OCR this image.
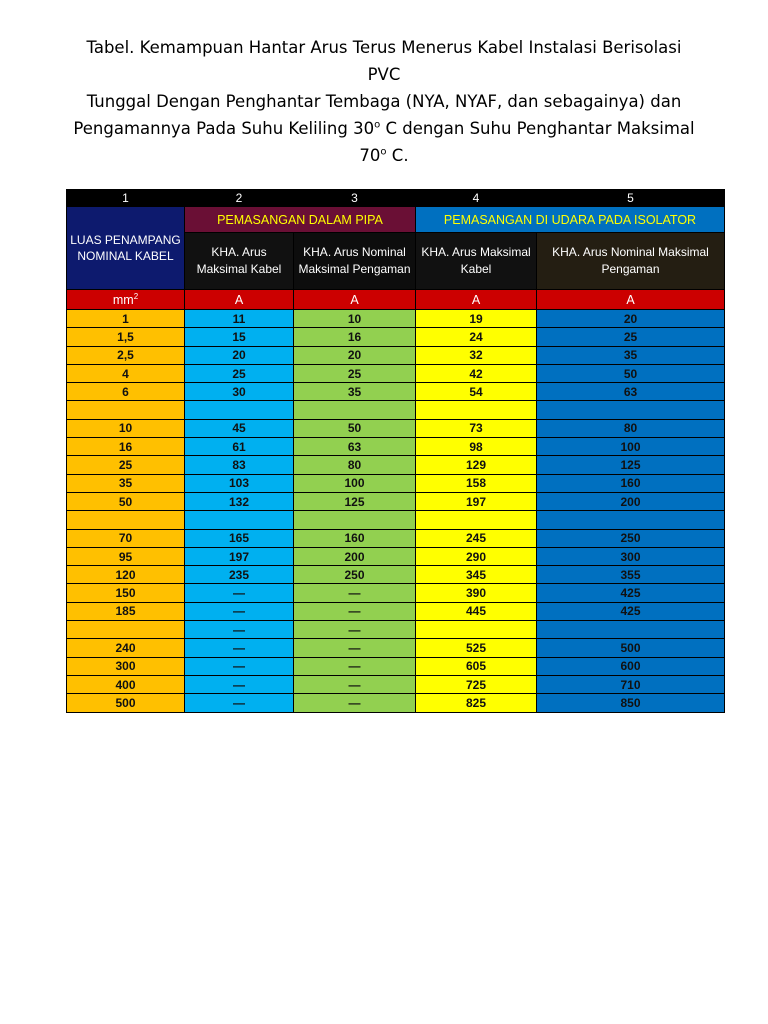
Tabel. Kemampuan Hantar Arus Terus Menerus Kabel Instalasi Berisolasi PVC
Tunggal Dengan Penghantar Tembaga (NYA, NYAF, dan sebagainya) dan
Pengamannya Pada Suhu Keliling 30$^o$ C dengan Suhu Penghantar Maksimal
70$^o$ C.
1	2	3	4	5
LUAS PENAMPANG NOMINAL KABEL	PEMASANGAN DALAM PIPA		PEMASANGAN DI UDARA PADA ISOLATOR	
	KHA. Arus Maksimal Kabel	KHA. Arus Nominal Maksimal Pengaman	KHA. Arus Maksimal Kabel	KHA. Arus Nominal Maksimal Pengaman
$mm^2$	A	A	A	A
1	11	10	19	20
1,5	15	16	24	25
2,5	20	20	32	35
4	25	25	42	50
6	30	35	54	63

10	45	50	73	80
16	61	63	98	100
25	83	80	129	125
35	103	100	158	160
50	132	125	197	200

70	165	160	245	250
95	197	200	290	300
120	235	250	345	355
150	—	—	390	425
185	—	—	445	425
	—	—		
240	—	—	525	500
300	—	—	605	600
400	—	—	725	710
500	—	—	825	850
